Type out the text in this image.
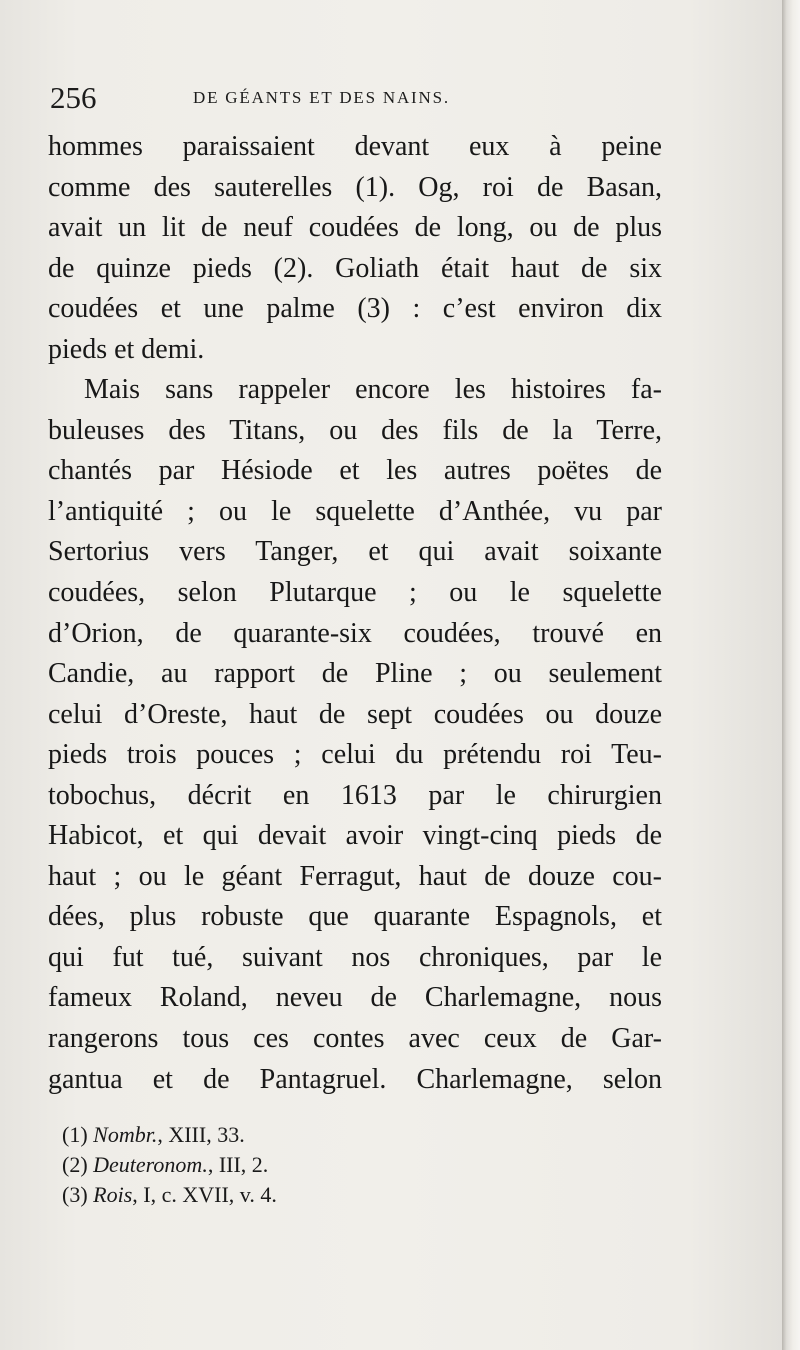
256	DE GÉANTS ET DES NAINS.
hommes paraissaient devant eux à peine
comme des sauterelles (1). Og, roi de Basan,
avait un lit de neuf coudées de long, ou de plus
de quinze pieds (2). Goliath était haut de six
coudées et une palme (3) : c’est environ dix
pieds et demi.
Mais sans rappeler encore les histoires fa-
buleuses des Titans, ou des fils de la Terre,
chantés par Hésiode et les autres poëtes de
l’antiquité ; ou le squelette d’Anthée, vu par
Sertorius vers Tanger, et qui avait soixante
coudées, selon Plutarque ; ou le squelette
d’Orion, de quarante-six coudées, trouvé en
Candie, au rapport de Pline ; ou seulement
celui d’Oreste, haut de sept coudées ou douze
pieds trois pouces ; celui du prétendu roi Teu-
tobochus, décrit en 1613 par le chirurgien
Habicot, et qui devait avoir vingt-cinq pieds de
haut ; ou le géant Ferragut, haut de douze cou-
dées, plus robuste que quarante Espagnols, et
qui fut tué, suivant nos chroniques, par le
fameux Roland, neveu de Charlemagne, nous
rangerons tous ces contes avec ceux de Gar-
gantua et de Pantagruel. Charlemagne, selon
(1) Nombr., XIII, 33.
(2) Deuteronom., III, 2.
(3) Rois, I, c. XVII, v. 4.
